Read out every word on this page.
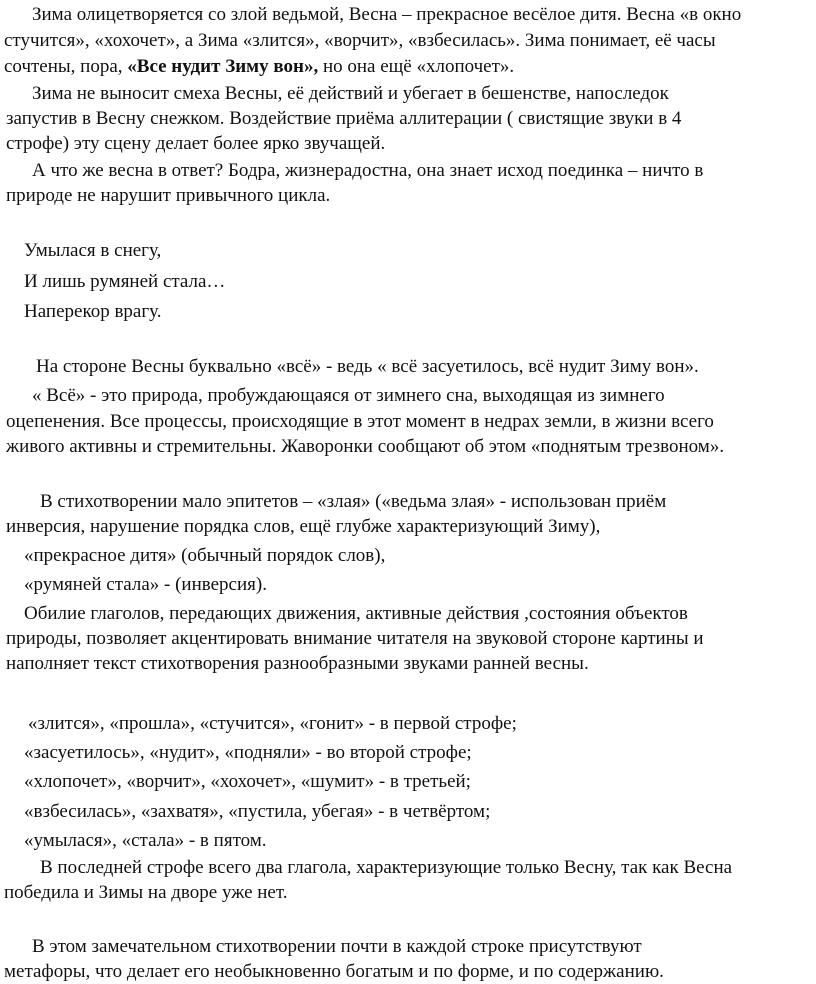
Зима олицетворяется со злой ведьмой, Весна – прекрасное весёлое дитя. Весна «в окно
стучится», «хохочет», а Зима «злится», «ворчит», «взбесилась». Зима понимает, её часы
сочтены, пора, «Все нудит Зиму вон», но она ещё «хлопочет».
Зима не выносит смеха Весны, её действий и убегает в бешенстве, напоследок
запустив в Весну снежком. Воздействие приёма аллитерации ( свистящие звуки в 4
строфе) эту сцену делает более ярко звучащей.
А что же весна в ответ? Бодра, жизнерадостна, она знает исход поединка – ничто в
природе не нарушит привычного цикла.
Умылася в снегу,
И лишь румяней стала…
Наперекор врагу.
На стороне Весны буквально «всё» - ведь « всё засуетилось, всё нудит Зиму вон».
« Всё» - это природа, пробуждающаяся от зимнего сна, выходящая из зимнего
оцепенения. Все процессы, происходящие в этот момент в недрах земли, в жизни всего
живого активны и стремительны. Жаворонки сообщают об этом «поднятым трезвоном».
В стихотворении мало эпитетов – «злая» («ведьма злая» - использован приём
инверсия, нарушение порядка слов, ещё глубже характеризующий Зиму),
«прекрасное дитя» (обычный порядок слов),
«румяней стала» - (инверсия).
Обилие глаголов, передающих движения, активные действия ,состояния объектов
природы, позволяет акцентировать внимание читателя на звуковой стороне картины и
наполняет текст стихотворения разнообразными звуками ранней весны.
«злится», «прошла», «стучится», «гонит» - в первой строфе;
«засуетилось», «нудит», «подняли» - во второй строфе;
«хлопочет», «ворчит», «хохочет», «шумит» - в третьей;
«взбесилась», «захватя», «пустила, убегая» - в четвёртом;
«умылася», «стала» - в пятом.
В последней строфе всего два глагола, характеризующие только Весну, так как Весна
победила и Зимы на дворе уже нет.
В этом замечательном стихотворении почти в каждой строке присутствуют
метафоры, что делает его необыкновенно богатым и по форме, и по содержанию.
